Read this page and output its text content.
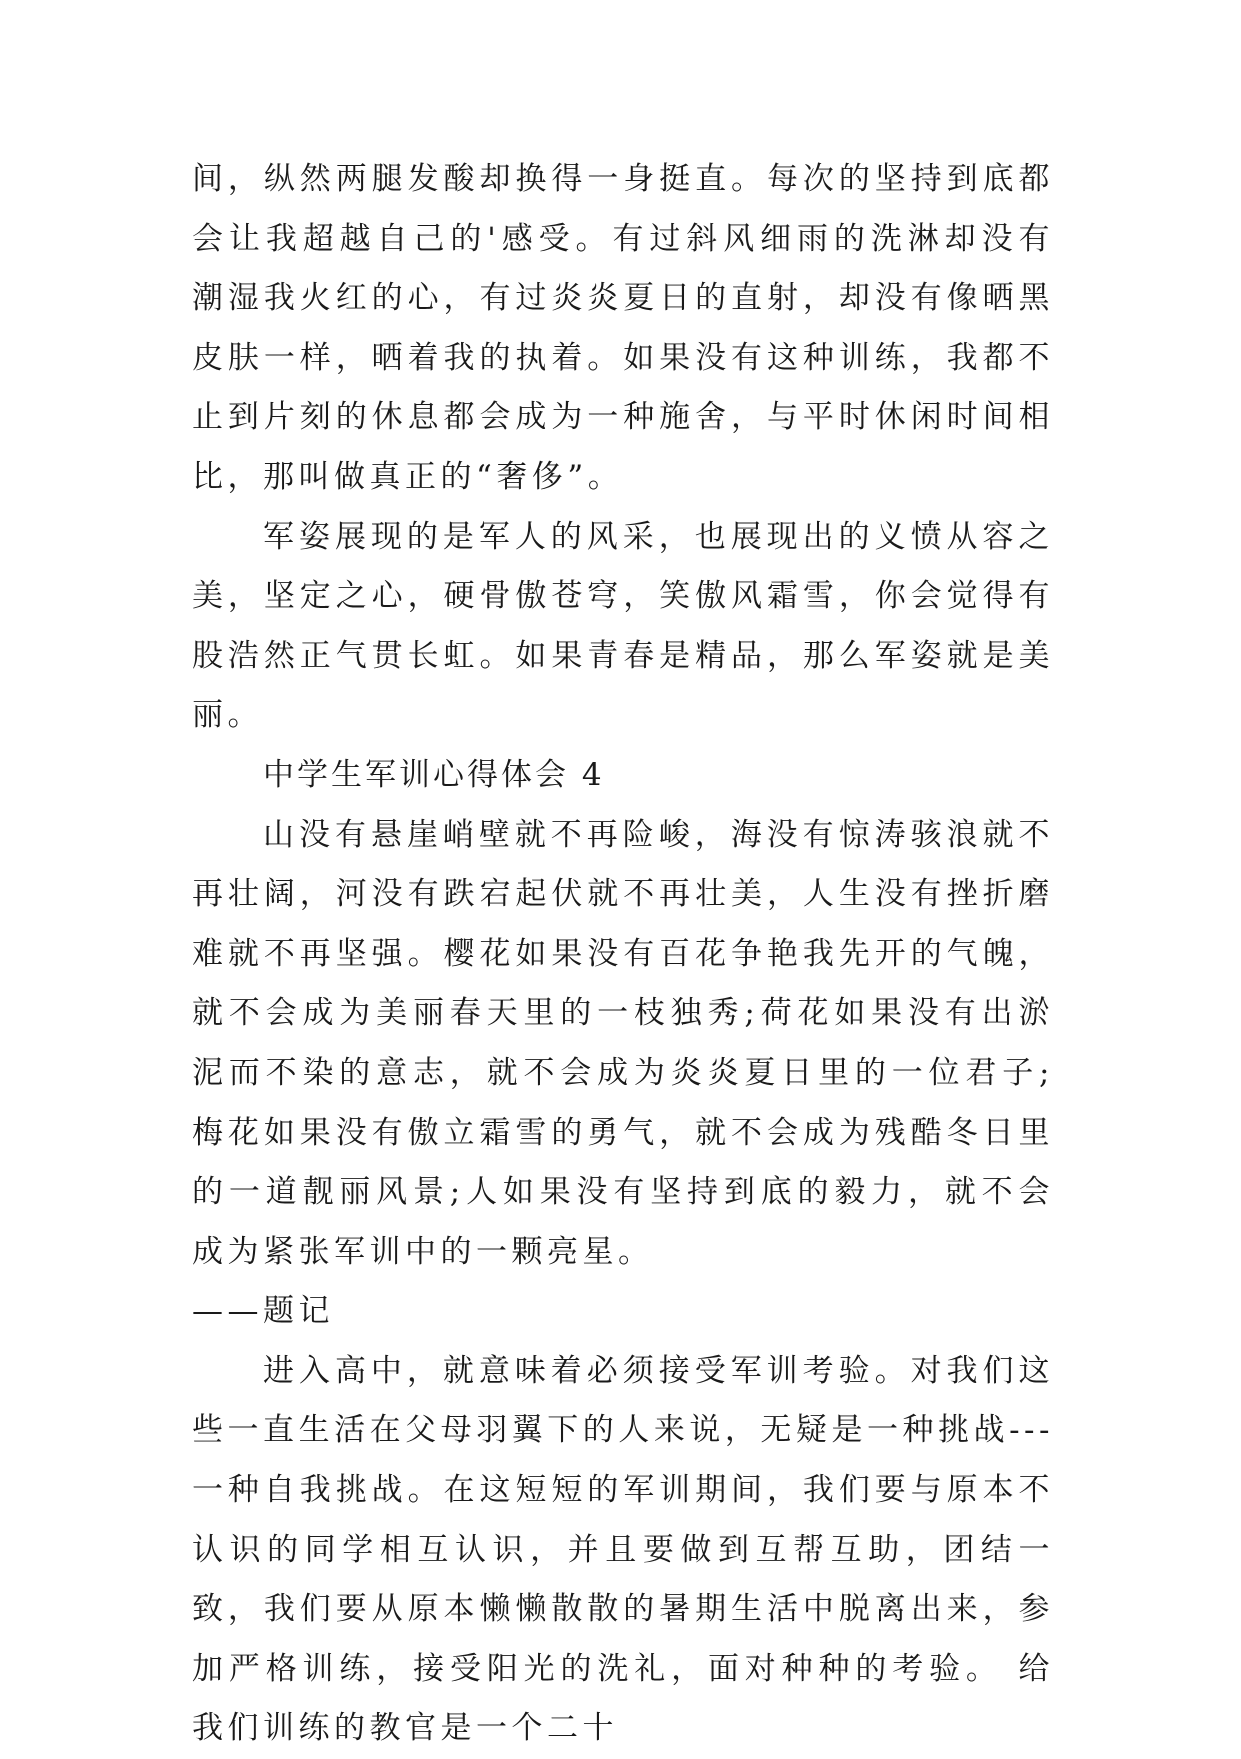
间，纵然两腿发酸却换得一身挺直。每次的坚持到底都会让我超越自己的'感受。有过斜风细雨的洗淋却没有潮湿我火红的心，有过炎炎夏日的直射，却没有像晒黑皮肤一样，晒着我的执着。如果没有这种训练，我都不止到片刻的休息都会成为一种施舍，与平时休闲时间相比，那叫做真正的“奢侈”。

军姿展现的是军人的风采，也展现出的义愤从容之美，坚定之心，硬骨傲苍穹，笑傲风霜雪，你会觉得有股浩然正气贯长虹。如果青春是精品，那么军姿就是美丽。

中学生军训心得体会 4

山没有悬崖峭壁就不再险峻，海没有惊涛骇浪就不再壮阔，河没有跌宕起伏就不再壮美，人生没有挫折磨难就不再坚强。樱花如果没有百花争艳我先开的气魄，就不会成为美丽春天里的一枝独秀;荷花如果没有出淤泥而不染的意志，就不会成为炎炎夏日里的一位君子;梅花如果没有傲立霜雪的勇气，就不会成为残酷冬日里的一道靓丽风景;人如果没有坚持到底的毅力，就不会成为紧张军训中的一颗亮星。

——题记

进入高中，就意味着必须接受军训考验。对我们这些一直生活在父母羽翼下的人来说，无疑是一种挑战---一种自我挑战。在这短短的军训期间，我们要与原本不认识的同学相互认识，并且要做到互帮互助，团结一致，我们要从原本懒懒散散的暑期生活中脱离出来，参加严格训练，接受阳光的洗礼，面对种种的考验。 给我们训练的教官是一个二十
